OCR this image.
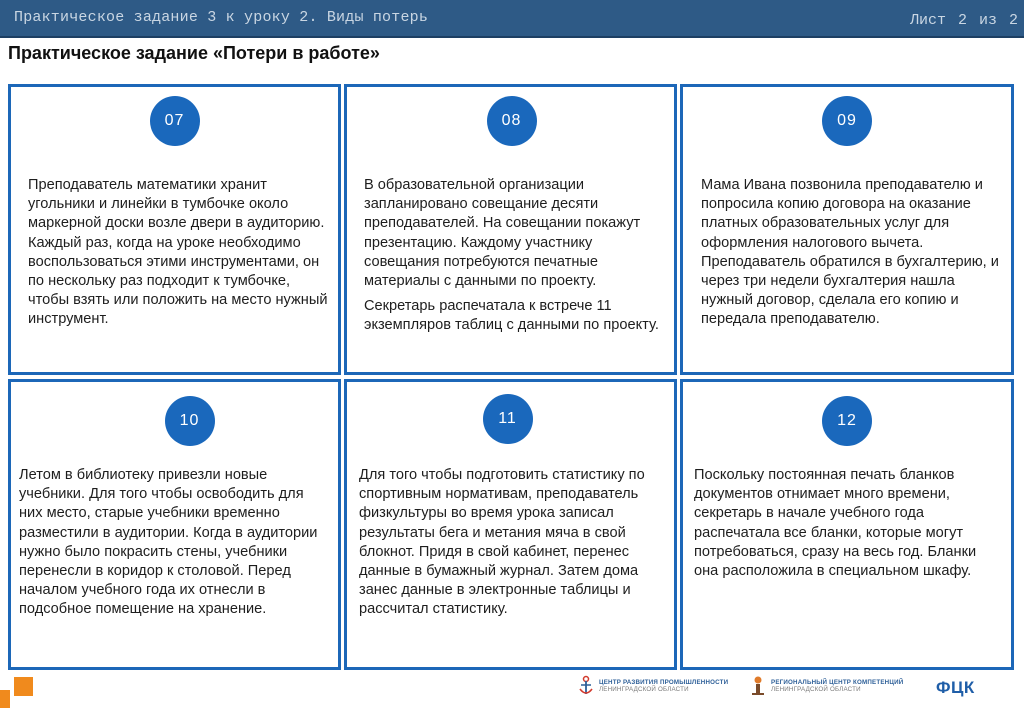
Практическое задание 3 к уроку 2. Виды потерь	Лист 2 из 2
Практическое задание «Потери в работе»
07

Преподаватель математики хранит угольники и линейки в тумбочке около маркерной доски возле двери в аудиторию. Каждый раз, когда на уроке необходимо воспользоваться этими инструментами, он по нескольку раз подходит к тумбочке, чтобы взять или положить на место нужный инструмент.

08

В образовательной организации запланировано совещание десяти преподавателей. На совещании покажут презентацию. Каждому участнику совещания потребуются печатные материалы с данными по проекту.

Секретарь распечатала к встрече 11 экземпляров таблиц с данными по проекту.

09

Мама Ивана позвонила преподавателю и попросила копию договора на оказание платных образовательных услуг для оформления налогового вычета. Преподаватель обратился в бухгалтерию, и через три недели бухгалтерия нашла нужный договор, сделала его копию и передала преподавателю.

10

Летом в библиотеку привезли новые учебники. Для того чтобы освободить для них место, старые учебники временно разместили в аудитории. Когда в аудитории нужно было покрасить стены, учебники перенесли в коридор к столовой. Перед началом учебного года их отнесли в подсобное помещение на хранение.

11

Для того чтобы подготовить статистику по спортивным нормативам, преподаватель физкультуры во время урока записал результаты бега и метания мяча в свой блокнот. Придя в свой кабинет, перенес данные в бумажный журнал. Затем дома занес данные в электронные таблицы и рассчитал статистику.

12

Поскольку постоянная печать бланков документов отнимает много времени, секретарь в начале учебного года распечатала все бланки, которые могут потребоваться, сразу на весь год. Бланки она расположила в специальном шкафу.

ЦЕНТР РАЗВИТИЯ ПРОМЫШЛЕННОСТИ
ЛЕНИНГРАДСКОЙ ОБЛАСТИ
РЕГИОНАЛЬНЫЙ ЦЕНТР КОМПЕТЕНЦИЙ
ЛЕНИНГРАДСКОЙ ОБЛАСТИ	ФЦК
